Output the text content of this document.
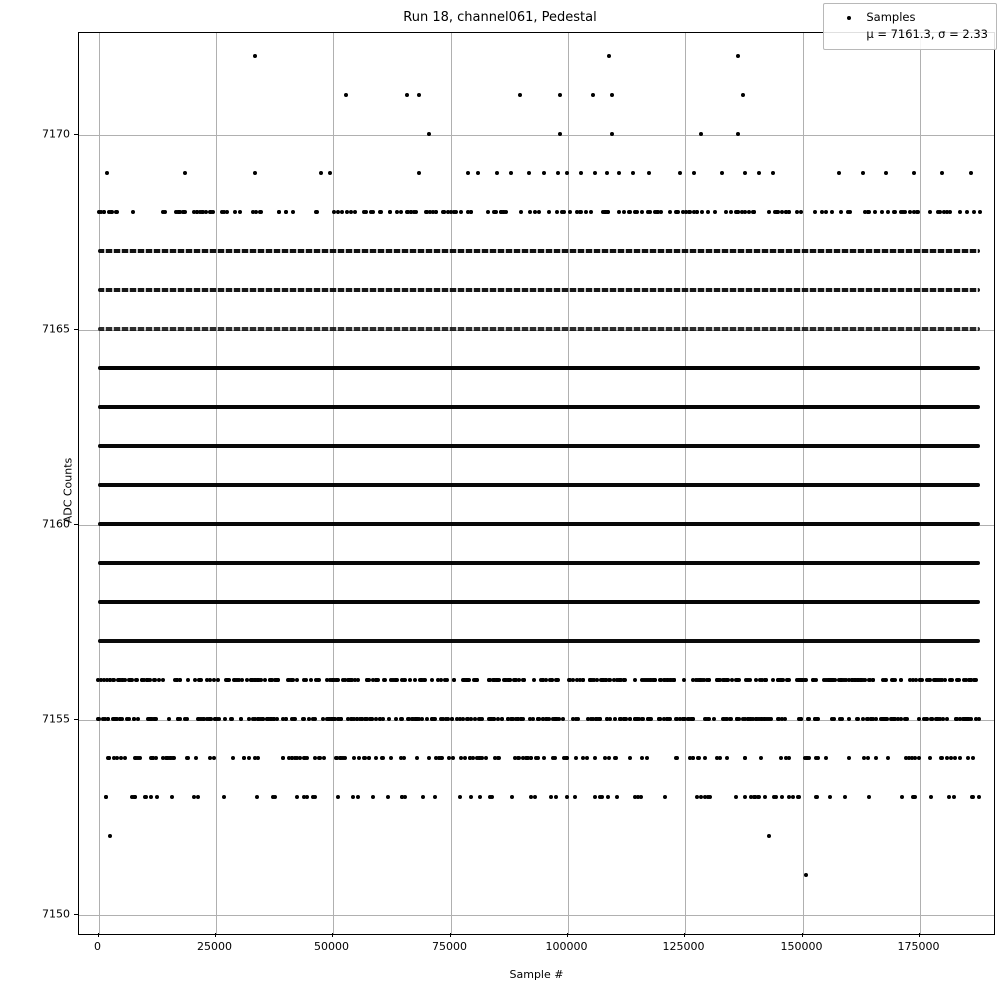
Run 18, channel061, Pedestal
Sample #
ADC Counts
Samples
μ = 7161.3, σ = 2.33
0	25000	50000	75000	100000	125000	150000	175000
7150
7155
7160
7165
7170
